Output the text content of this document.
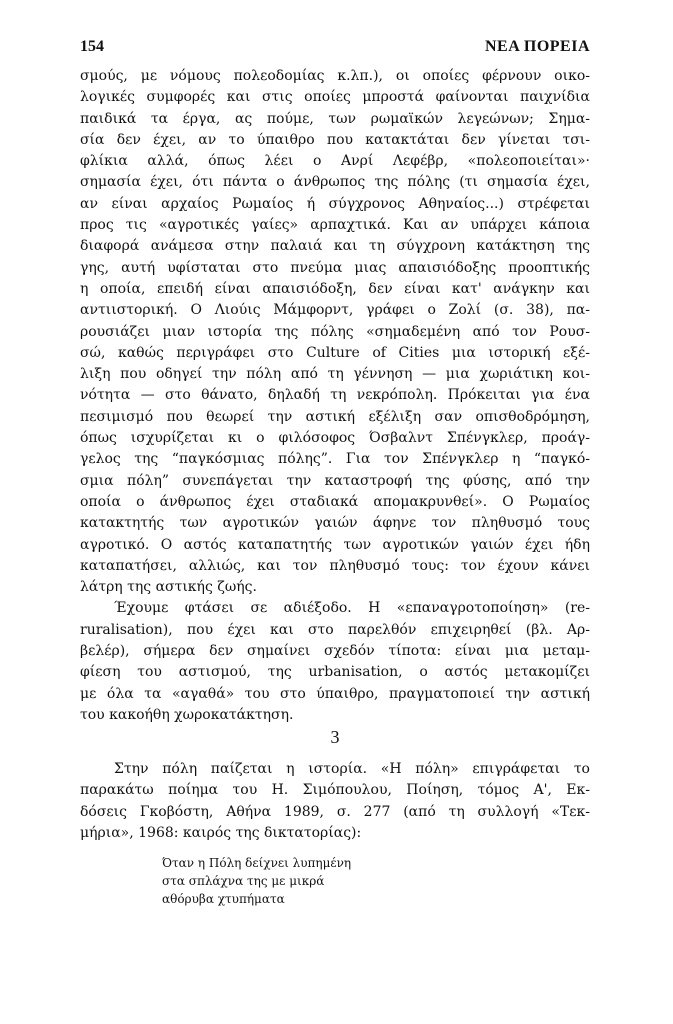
154	ΝΕΑ ΠΟΡΕΙΑ
σμούς, με νόμους πολεοδομίας κ.λπ.), οι οποίες φέρνουν οικο-
λογικές συμφορές και στις οποίες μπροστά φαίνονται παιχνίδια
παιδικά τα έργα, ας πούμε, των ρωμαϊκών λεγεώνων; Σημα-
σία δεν έχει, αν το ύπαιθρο που κατακτάται δεν γίνεται τσι-
φλίκια αλλά, όπως λέει ο Ανρί Λεφέβρ, «πολεοποιείται»·
σημασία έχει, ότι πάντα ο άνθρωπος της πόλης (τι σημασία έχει,
αν είναι αρχαίος Ρωμαίος ή σύγχρονος Αθηναίος...) στρέφεται
προς τις «αγροτικές γαίες» αρπαχτικά. Και αν υπάρχει κάποια
διαφορά ανάμεσα στην παλαιά και τη σύγχρονη κατάκτηση της
γης, αυτή υφίσταται στο πνεύμα μιας απαισιόδοξης προοπτικής
η οποία, επειδή είναι απαισιόδοξη, δεν είναι κατ' ανάγκην και
αντιιστορική. Ο Λιούις Μάμφορντ, γράφει ο Ζολί (σ. 38), πα-
ρουσιάζει μιαν ιστορία της πόλης «σημαδεμένη από τον Ρουσ-
σώ, καθώς περιγράφει στο Culture of Cities μια ιστορική εξέ-
λιξη που οδηγεί την πόλη από τη γέννηση — μια χωριάτικη κοι-
νότητα — στο θάνατο, δηλαδή τη νεκρόπολη. Πρόκειται για ένα
πεσιμισμό που θεωρεί την αστική εξέλιξη σαν οπισθοδρόμηση,
όπως ισχυρίζεται κι ο φιλόσοφος Όσβαλντ Σπένγκλερ, προάγ-
γελος της “παγκόσμιας πόλης”. Για τον Σπένγκλερ η “παγκό-
σμια πόλη” συνεπάγεται την καταστροφή της φύσης, από την
οποία ο άνθρωπος έχει σταδιακά απομακρυνθεί». Ο Ρωμαίος
κατακτητής των αγροτικών γαιών άφηνε τον πληθυσμό τους
αγροτικό. Ο αστός καταπατητής των αγροτικών γαιών έχει ήδη
καταπατήσει, αλλιώς, και τον πληθυσμό τους: τον έχουν κάνει
λάτρη της αστικής ζωής.
Έχουμε φτάσει σε αδιέξοδο. Η «επαναγροτοποίηση» (re-
ruralisation), που έχει και στο παρελθόν επιχειρηθεί (βλ. Αρ-
βελέρ), σήμερα δεν σημαίνει σχεδόν τίποτα: είναι μια μεταμ-
φίεση του αστισμού, της urbanisation, ο αστός μετακομίζει
με όλα τα «αγαθά» του στο ύπαιθρο, πραγματοποιεί την αστική
του κακοήθη χωροκατάκτηση.
3
Στην πόλη παίζεται η ιστορία. «Η πόλη» επιγράφεται το
παρακάτω ποίημα του Η. Σιμόπουλου, Ποίηση, τόμος Α', Εκ-
δόσεις Γκοβόστη, Αθήνα 1989, σ. 277 (από τη συλλογή «Τεκ-
μήρια», 1968: καιρός της δικτατορίας):
Όταν η Πόλη δείχνει λυπημένη
στα σπλάχνα της με μικρά
αθόρυβα χτυπήματα
